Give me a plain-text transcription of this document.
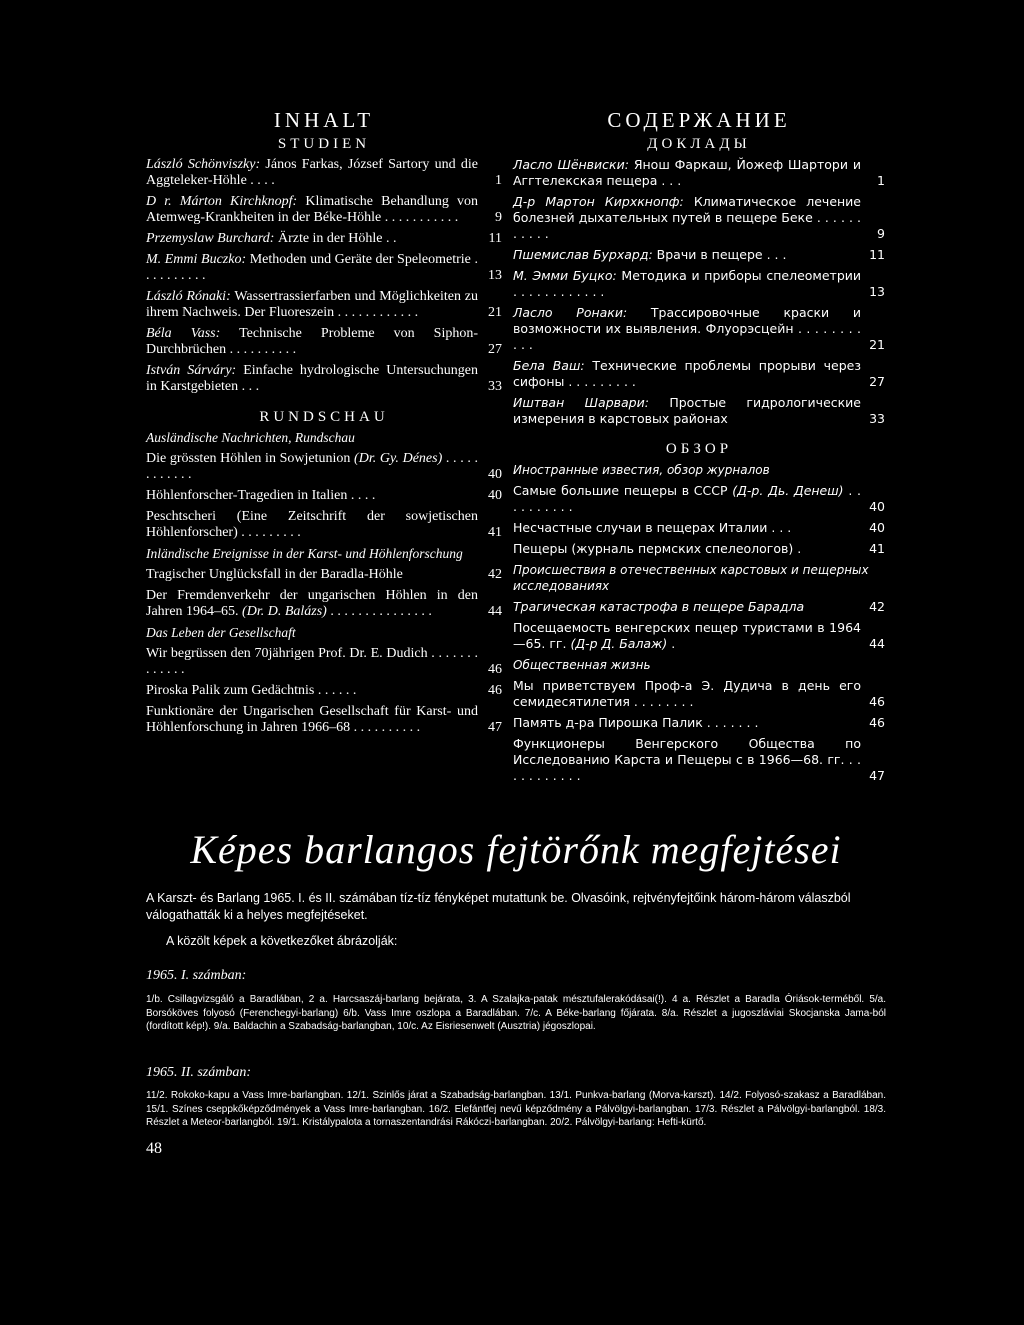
INHALT
STUDIEN
László Schönviszky: János Farkas, József Sartory und die Aggteleker-Höhle . . . .	1
D r. Márton Kirchknopf: Klimatische Behandlung von Atemweg-Krankheiten in der Béke-Höhle . . . . . . . . . . .	9
Przemyslaw Burchard: Ärzte in der Höhle . .	11
M. Emmi Buczko: Methoden und Geräte der Speleometrie . . . . . . . . . .	13
László Rónaki: Wassertrassierfarben und Möglichkeiten zu ihrem Nachweis. Der Fluoreszein . . . . . . . . . . . .	21
Béla Vass: Technische Probleme von Siphon-Durchbrüchen . . . . . . . . . .	27
István Sárváry: Einfache hydrologische Untersuchungen in Karstgebieten . . .	33
RUNDSCHAU
Ausländische Nachrichten, Rundschau
Die grössten Höhlen in Sowjetunion (Dr. Gy. Dénes) . . . . . . . . . . . .	40
Höhlenforscher-Tragedien in Italien . . . .	40
Peschtscheri (Eine Zeitschrift der sowjetischen Höhlenforscher) . . . . . . . . .	41
Inländische Ereignisse in der Karst- und Höhlenforschung
Tragischer Unglücksfall in der Baradla-Höhle	42
Der Fremdenverkehr der ungarischen Höhlen in den Jahren 1964–65. (Dr. D. Balázs) . . . . . . . . . . . . . . .	44
Das Leben der Gesellschaft
Wir begrüssen den 70jährigen Prof. Dr. E. Dudich . . . . . . . . . . . . .	46
Piroska Palik zum Gedächtnis . . . . . .	46
Funktionäre der Ungarischen Gesellschaft für Karst- und Höhlenforschung in Jahren 1966–68 . . . . . . . . . .	47
СОДЕРЖАНИЕ
ДОКЛАДЫ
Ласло Шёнвиски: Янош Фаркаш, Йожеф Шартори и Аггтелекская пещера . . .	1
Д-р Мартон Кирхкнопф: Климатическое лечение болезней дыхательных путей в пещере Беке . . . . . . . . . . .	9
Пшемислав Бурхард: Врачи в пещере . . .	11
М. Эмми Буцко: Методика и приборы спелеометрии . . . . . . . . . . . .	13
Ласло Ронаки: Трассировочные краски и возможности их выявления. Флуорэсцейн . . . . . . . . . . .	21
Бела Ваш: Технические проблемы прорыви через сифоны . . . . . . . . .	27
Иштван Шарвари: Простые гидрологические измерения в карстовых районах	33
ОБЗОР
Иностранные известия, обзор журналов
Самые большие пещеры в СССР (Д-р. Дь. Денеш) . . . . . . . . . .	40
Несчастные случаи в пещерах Италии . . .	40
Пещеры (журналь пермских спелеологов) .	41
Происшествия в отечественных карстовых и пещерных исследованиях
Трагическая катастрофа в пещере Барадла	42
Посещаемость венгерских пещер туристами в 1964—65. гг. (Д-р Д. Балаж) .	44
Общественная жизнь
Мы приветствуем Проф-а Э. Дудича в день его семидесятилетия . . . . . . . .	46
Память д-ра Пирошка Палик . . . . . . .	46
Функционеры Венгерского Общества по Исследованию Карста и Пещеры с в 1966—68. гг. . . . . . . . . . . .	47
Képes barlangos fejtörőnk megfejtései

A Karszt- és Barlang 1965. I. és II. számában tíz-tíz fényképet mutattunk be. Olvasóink, rejtvényfejtőink három-három válaszból válogathatták ki a helyes megfejtéseket.

A közölt képek a következőket ábrázolják:

1965. I. számban:

1/b. Csillagvizsgáló a Baradlában, 2 a. Harcsaszáj-barlang bejárata, 3. A Szalajka-patak mésztufalerakódásai(!). 4 a. Részlet a Baradla Óriások-terméből. 5/a. Borsóköves folyosó (Ferenchegyi-barlang) 6/b. Vass Imre oszlopa a Baradlában. 7/c. A Béke-barlang főjárata. 8/a. Részlet a jugoszláviai Skocjanska Jama-ból (fordított kép!). 9/a. Baldachin a Szabadság-barlangban, 10/c. Az Eisriesenwelt (Ausztria) jégoszlopai.

1965. II. számban:

11/2. Rokoko-kapu a Vass Imre-barlangban. 12/1. Szinlős járat a Szabadság-barlangban. 13/1. Punkva-barlang (Morva-karszt). 14/2. Folyosó-szakasz a Baradlában. 15/1. Színes cseppkőképződmények a Vass Imre-barlangban. 16/2. Elefántfej nevű képződmény a Pálvölgyi-barlangban. 17/3. Részlet a Pálvölgyi-barlangból. 18/3. Részlet a Meteor-barlangból. 19/1. Kristálypalota a tornaszentandrási Rákóczi-barlangban. 20/2. Pálvölgyi-barlang: Hefti-kürtő.

48
